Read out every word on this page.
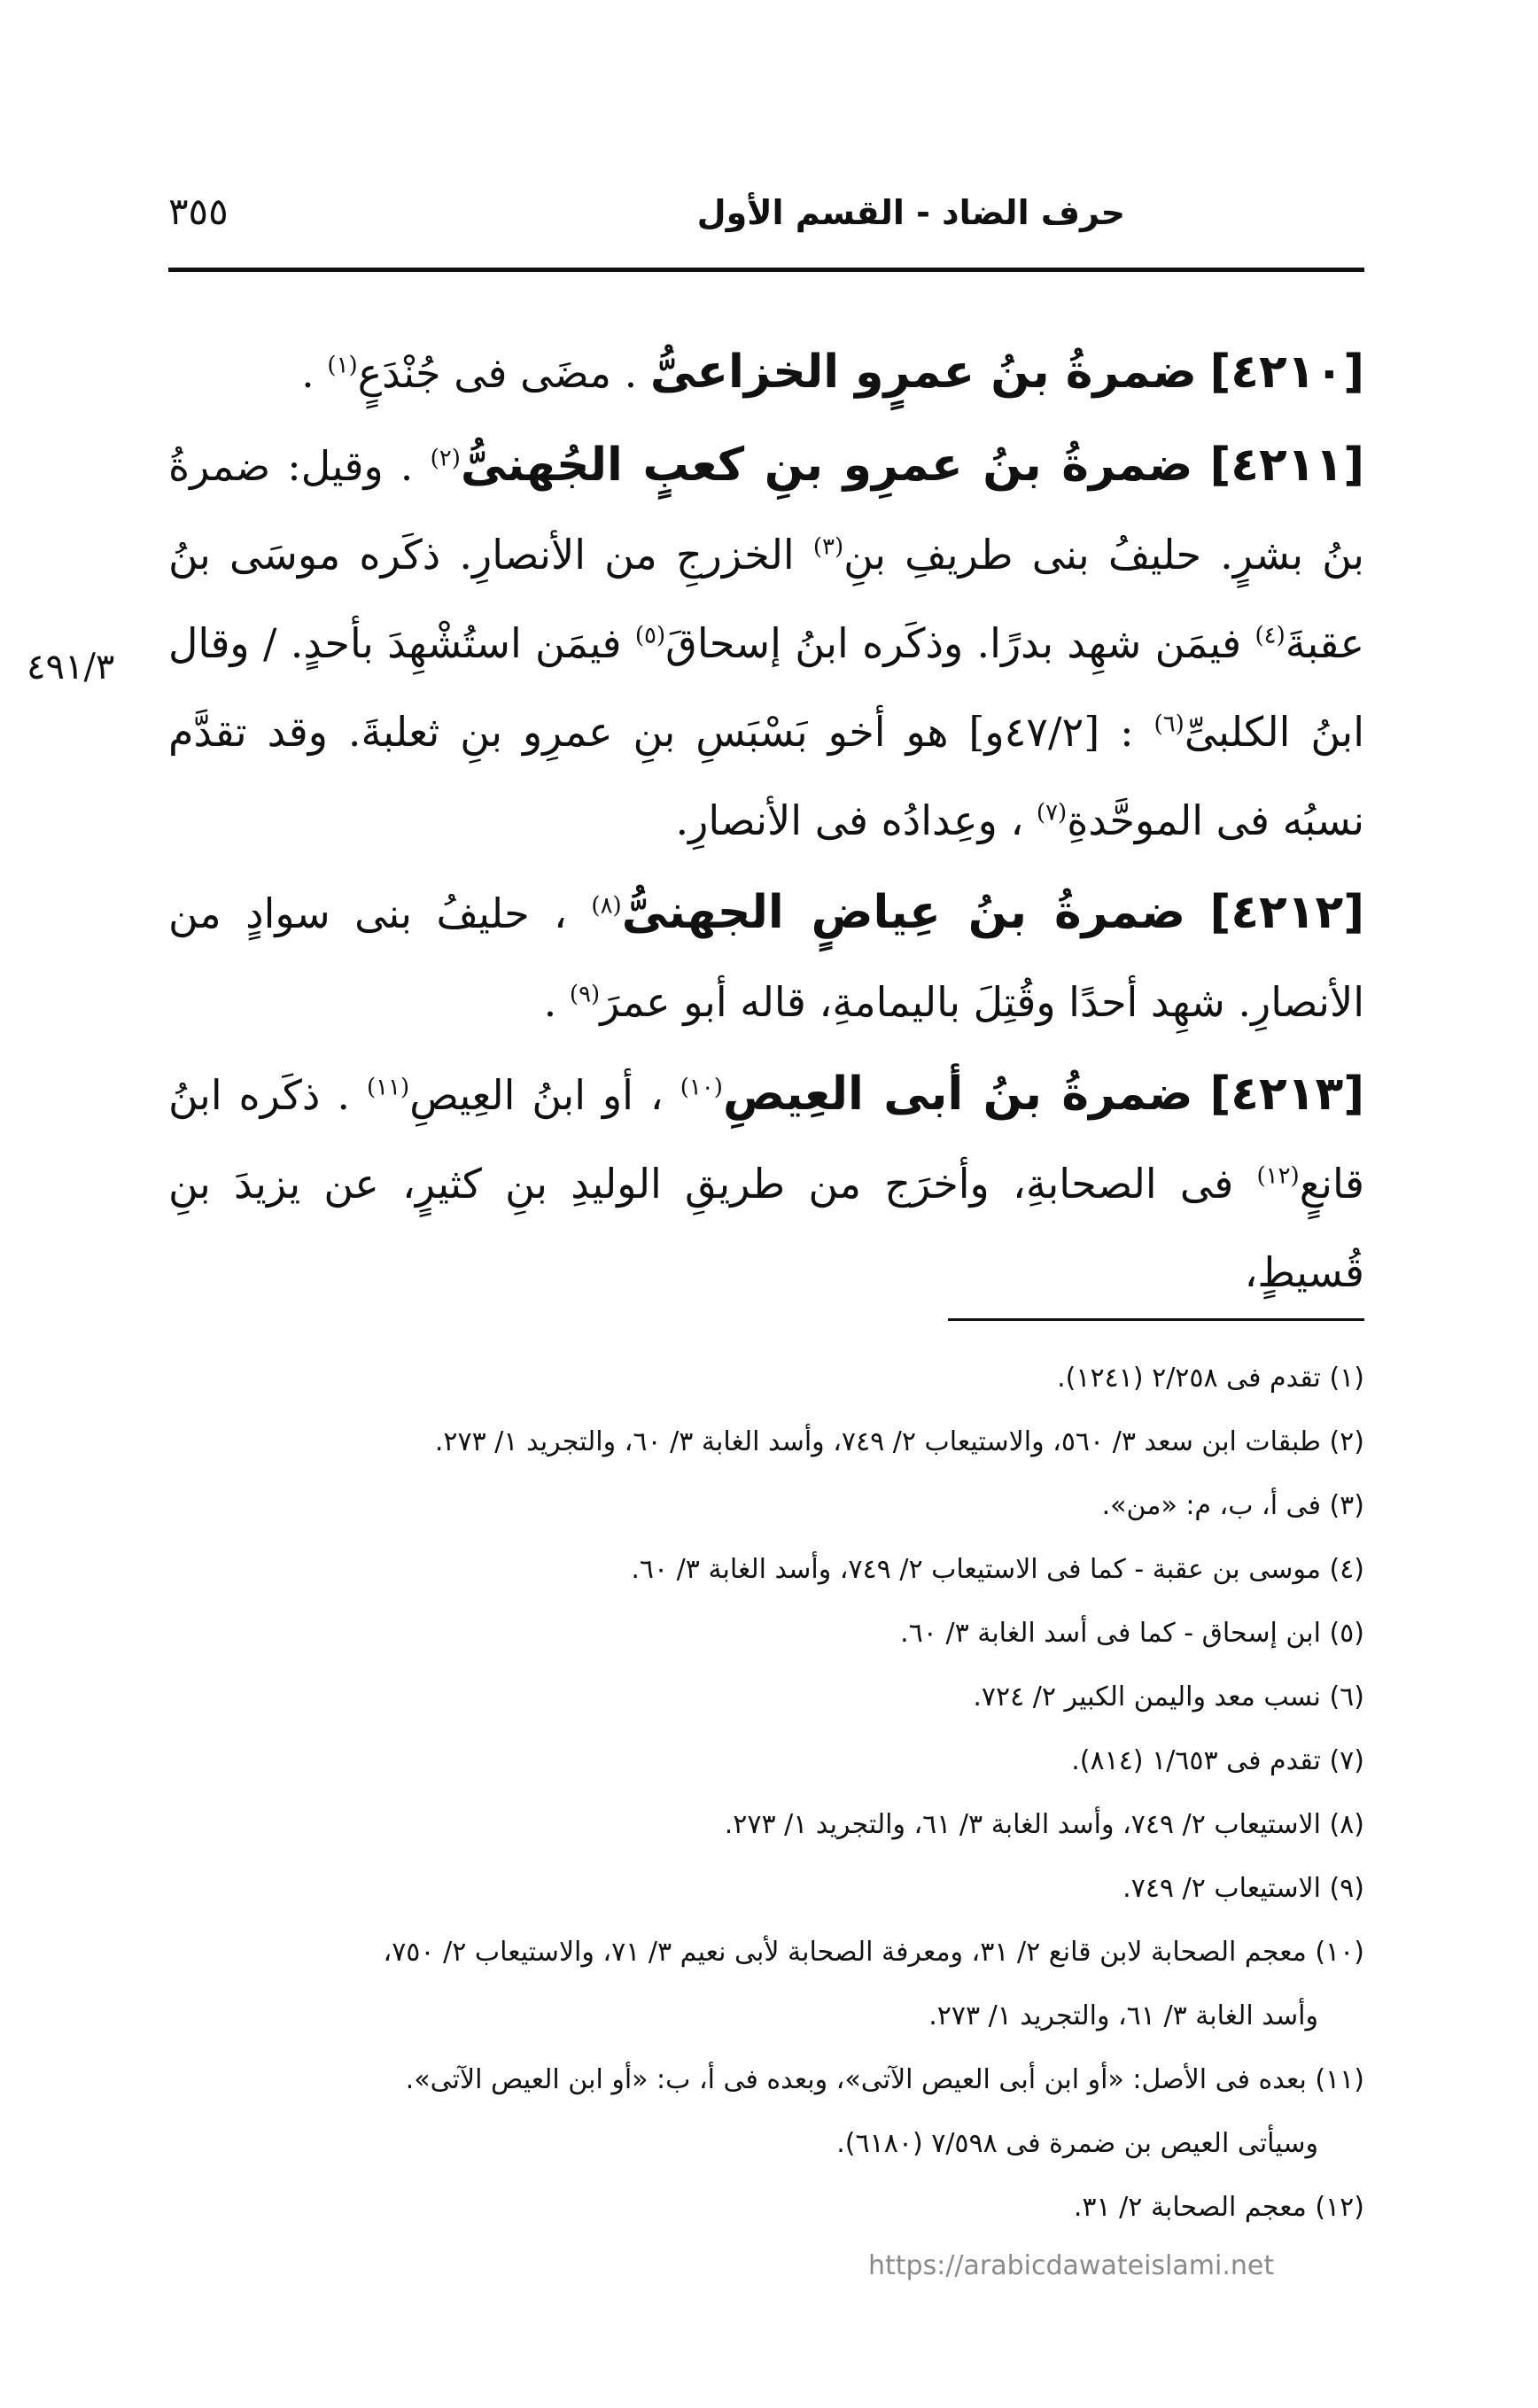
حرف الضاد - القسم الأول
٣٥٥
٤٩١/٣

[٤٢١٠] ضمرةُ بنُ عمرٍو الخزاعىُّ . مضَى فى جُنْدَعٍ$^{(١)}$ .

[٤٢١١] ضمرةُ بنُ عمرِو بنِ كعبٍ الجُهنىُّ$^{(٢)}$ . وقيل: ضمرةُ بنُ بشرٍ. حليفُ بنى طريفِ بنِ$^{(٣)}$ الخزرجِ من الأنصارِ. ذكَره موسَى بنُ عقبةَ$^{(٤)}$ فيمَن شهِد بدرًا. وذكَره ابنُ إسحاقَ$^{(٥)}$ فيمَن استُشْهِدَ بأحدٍ. / وقال ابنُ الكلبىِّ$^{(٦)}$ : [٤٧/٢و] هو أخو بَسْبَسِ بنِ عمرِو بنِ ثعلبةَ. وقد تقدَّم نسبُه فى الموحَّدةِ$^{(٧)}$ ، وعِدادُه فى الأنصارِ.

[٤٢١٢] ضمرةُ بنُ عِياضٍ الجهنىُّ$^{(٨)}$ ، حليفُ بنى سوادٍ من الأنصارِ. شهِد أحدًا وقُتِلَ باليمامةِ، قاله أبو عمرَ$^{(٩)}$ .

[٤٢١٣] ضمرةُ بنُ أبى العِيصِ$^{(١٠)}$ ، أو ابنُ العِيصِ$^{(١١)}$ . ذكَره ابنُ قانعٍ$^{(١٢)}$ فى الصحابةِ، وأخرَج من طريقِ الوليدِ بنِ كثيرٍ، عن يزيدَ بنِ قُسيطٍ،

(١) تقدم فى ٢/٢٥٨ (١٢٤١).

(٢) طبقات ابن سعد ٣/ ٥٦٠، والاستيعاب ٢/ ٧٤٩، وأسد الغابة ٣/ ٦٠، والتجريد ١/ ٢٧٣.

(٣) فى أ، ب، م: «من».

(٤) موسى بن عقبة - كما فى الاستيعاب ٢/ ٧٤٩، وأسد الغابة ٣/ ٦٠.

(٥) ابن إسحاق - كما فى أسد الغابة ٣/ ٦٠.

(٦) نسب معد واليمن الكبير ٢/ ٧٢٤.

(٧) تقدم فى ١/٦٥٣ (٨١٤).

(٨) الاستيعاب ٢/ ٧٤٩، وأسد الغابة ٣/ ٦١، والتجريد ١/ ٢٧٣.

(٩) الاستيعاب ٢/ ٧٤٩.

(١٠) معجم الصحابة لابن قانع ٢/ ٣١، ومعرفة الصحابة لأبى نعيم ٣/ ٧١، والاستيعاب ٢/ ٧٥٠،

وأسد الغابة ٣/ ٦١، والتجريد ١/ ٢٧٣.

(١١) بعده فى الأصل: «أو ابن أبى العيص الآتى»، وبعده فى أ، ب: «أو ابن العيص الآتى».

وسيأتى العيص بن ضمرة فى ٧/٥٩٨ (٦١٨٠).

(١٢) معجم الصحابة ٢/ ٣١.

https://arabicdawateislami.net
